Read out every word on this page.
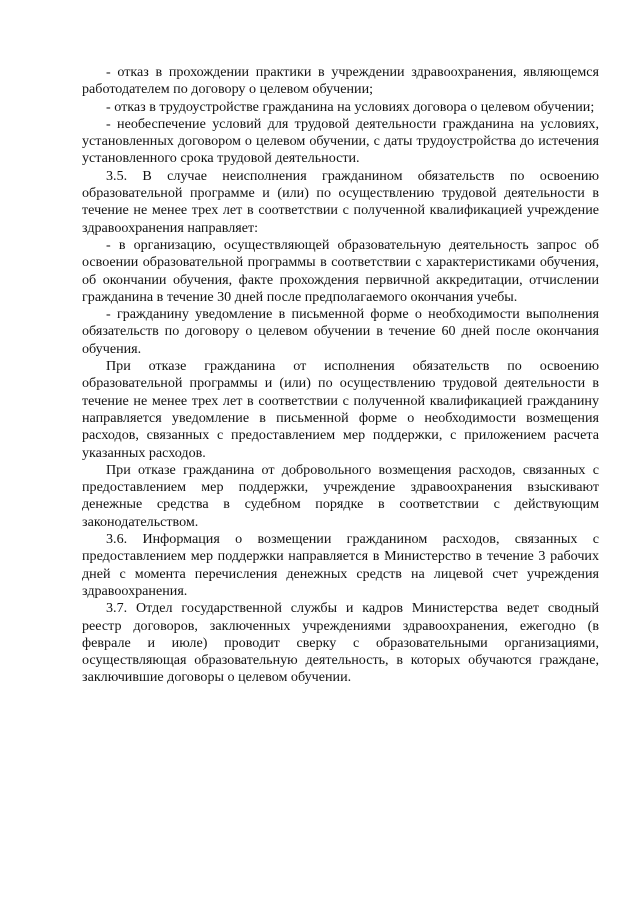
- отказ в прохождении практики в учреждении здравоохранения, являющемся работодателем по договору о целевом обучении;

- отказ в трудоустройстве гражданина на условиях договора о целевом обучении;

- необеспечение условий для трудовой деятельности гражданина на условиях, установленных договором о целевом обучении, с даты трудоустройства до истечения установленного срока трудовой деятельности.

3.5. В случае неисполнения гражданином обязательств по освоению образовательной программе и (или) по осуществлению трудовой деятельности в течение не менее трех лет в соответствии с полученной квалификацией учреждение здравоохранения направляет:

- в организацию, осуществляющей образовательную деятельность запрос об освоении образовательной программы в соответствии с характеристиками обучения, об окончании обучения, факте прохождения первичной аккредитации, отчислении гражданина в течение 30 дней после предполагаемого окончания учебы.

- гражданину уведомление в письменной форме о необходимости выполнения обязательств по договору о целевом обучении в течение 60 дней после окончания обучения.

При отказе гражданина от исполнения обязательств по освоению образовательной программы и (или) по осуществлению трудовой деятельности в течение не менее трех лет в соответствии с полученной квалификацией гражданину направляется уведомление в письменной форме о необходимости возмещения расходов, связанных с предоставлением мер поддержки, с приложением расчета указанных расходов.

При отказе гражданина от добровольного возмещения расходов, связанных с предоставлением мер поддержки, учреждение здравоохранения взыскивают денежные средства в судебном порядке в соответствии с действующим законодательством.

3.6. Информация о возмещении гражданином расходов, связанных с предоставлением мер поддержки направляется в Министерство в течение 3 рабочих дней с момента перечисления денежных средств на лицевой счет учреждения здравоохранения.

3.7. Отдел государственной службы и кадров Министерства ведет сводный реестр договоров, заключенных учреждениями здравоохранения, ежегодно (в феврале и июле) проводит сверку с образовательными организациями, осуществляющая образовательную деятельность, в которых обучаются граждане, заключившие договоры о целевом обучении.
